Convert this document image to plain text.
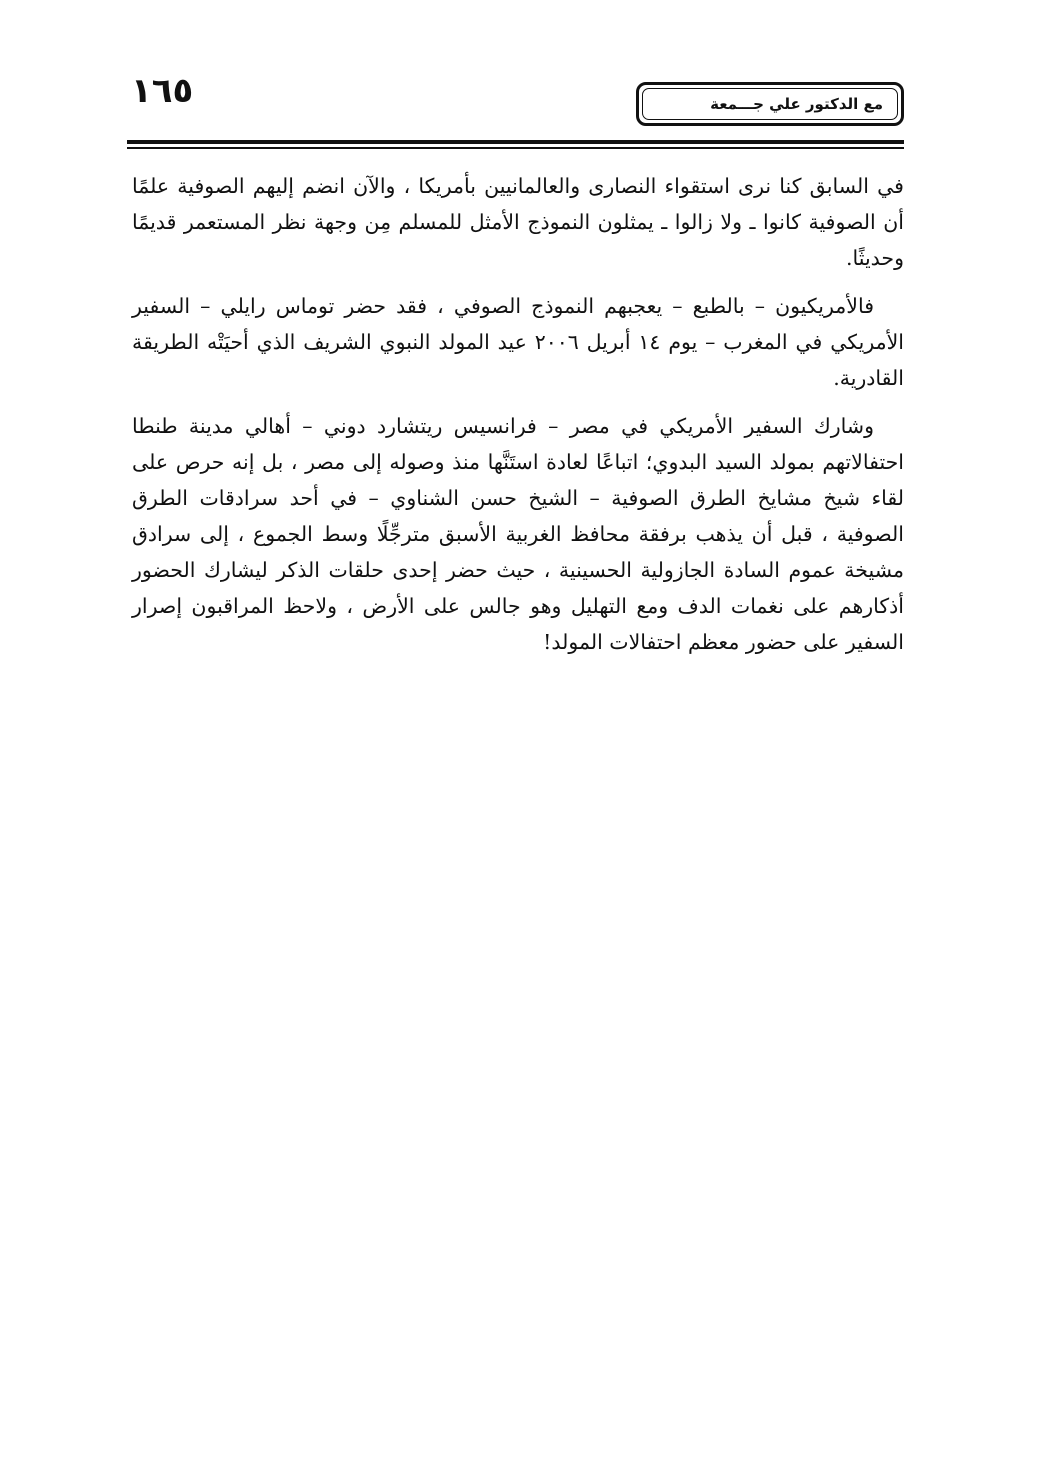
١٦٥	مع الدكتور علي جـــمعة

في السابق كنا نرى استقواء النصارى والعالمانيين بأمريكا ، والآن انضم إليهم الصوفية علمًا أن الصوفية كانوا ـ ولا زالوا ـ يمثلون النموذج الأمثل للمسلم مِن وجهة نظر المستعمر قديمًا وحديثًا.

فالأمريكيون – بالطبع – يعجبهم النموذج الصوفي ، فقد حضر توماس رايلي – السفير الأمريكي في المغرب – يوم ١٤ أبريل ٢٠٠٦ عيد المولد النبوي الشريف الذي أحيَتْه الطريقة القادرية.

وشارك السفير الأمريكي في مصر – فرانسيس ريتشارد دوني – أهالي مدينة طنطا احتفالاتهم بمولد السيد البدوي؛ اتباعًا لعادة استَنَّها منذ وصوله إلى مصر ، بل إنه حرص على لقاء شيخ مشايخ الطرق الصوفية – الشيخ حسن الشناوي – في أحد سرادقات الطرق الصوفية ، قبل أن يذهب برفقة محافظ الغربية الأسبق مترجِّلًا وسط الجموع ، إلى سرادق مشيخة عموم السادة الجازولية الحسينية ، حيث حضر إحدى حلقات الذكر ليشارك الحضور أذكارهم على نغمات الدف ومع التهليل وهو جالس على الأرض ، ولاحظ المراقبون إصرار السفير على حضور معظم احتفالات المولد!
